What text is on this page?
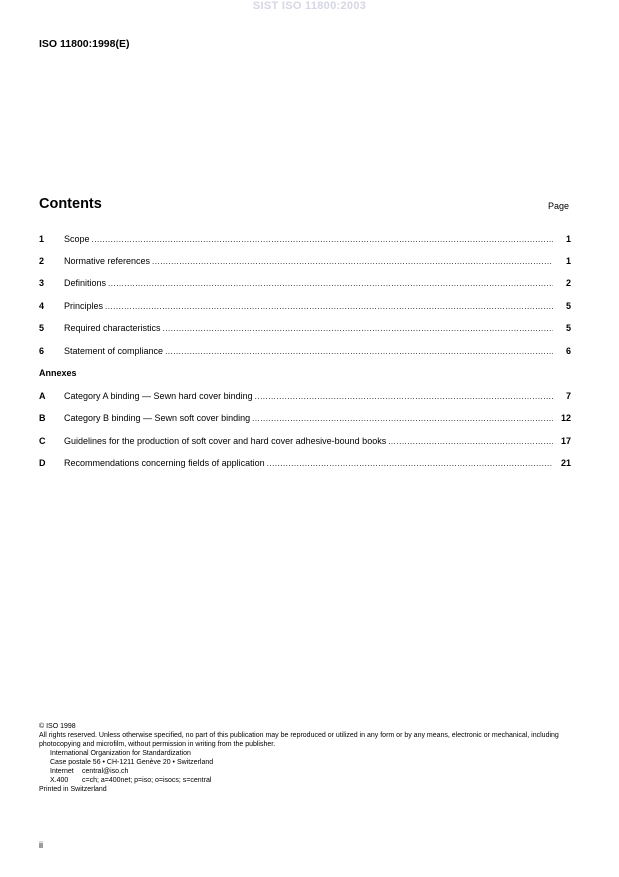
SIST ISO 11800:2003
ISO 11800:1998(E)
Contents	Page
1 Scope .....	1
2 Normative references .....	1
3 Definitions .....	2
4 Principles .....	5
5 Required characteristics .....	5
6 Statement of compliance .....	6
Annexes
A Category A binding — Sewn hard cover binding .....	7
B Category B binding — Sewn soft cover binding .....	12
C Guidelines for the production of soft cover and hard cover adhesive-bound books .....	17
D Recommendations concerning fields of application .....	21
© ISO 1998
All rights reserved. Unless otherwise specified, no part of this publication may be reproduced or utilized in any form or by any means, electronic or mechanical, including photocopying and microfilm, without permission in writing from the publisher.
International Organization for Standardization
Case postale 56 • CH-1211 Genève 20 • Switzerland
Internet central@iso.ch
X.400 c=ch; a=400net; p=iso; o=isocs; s=central
Printed in Switzerland
ii
